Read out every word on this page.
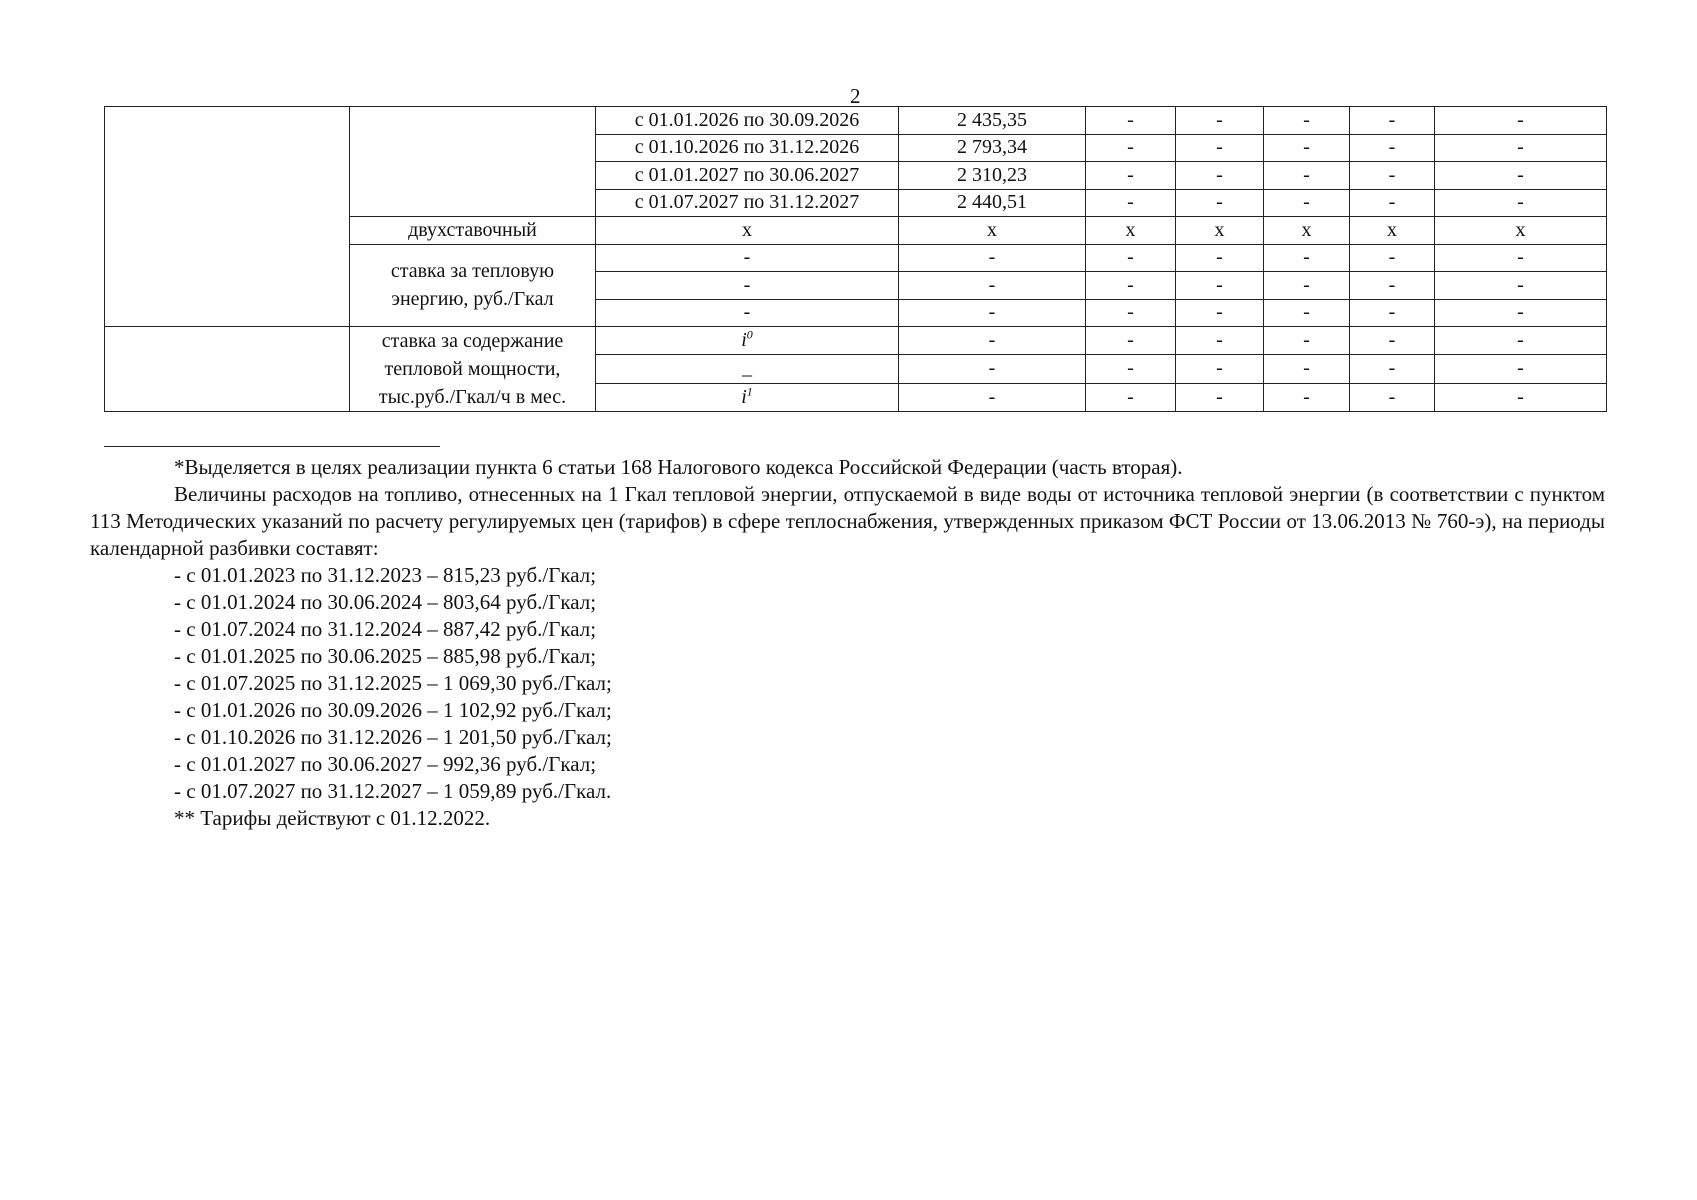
2
		с 01.01.2026 по 30.09.2026	2 435,35	-	-	-	-	-
		с 01.10.2026 по 31.12.2026	2 793,34	-	-	-	-	-
		с 01.01.2027 по 30.06.2027	2 310,23	-	-	-	-	-
		с 01.07.2027 по 31.12.2027	2 440,51	-	-	-	-	-
	двухставочный	x	x	x	x	x	x	x
	ставка за тепловую энергию, руб./Гкал	-	-	-	-	-	-	-
		-	-	-	-	-	-	-
		-	-	-	-	-	-	-
	ставка за содержание тепловой мощности, тыс.руб./Гкал/ч в мес.	$i^0$	-	-	-	-	-	-
		_	-	-	-	-	-	-
		$i^1$	-	-	-	-	-	-

*Выделяется в целях реализации пункта 6 статьи 168 Налогового кодекса Российской Федерации (часть вторая).

Величины расходов на топливо, отнесенных на 1 Гкал тепловой энергии, отпускаемой в виде воды от источника тепловой энергии (в соответствии с пунктом 113 Методических указаний по расчету регулируемых цен (тарифов) в сфере теплоснабжения, утвержденных приказом ФСТ России от 13.06.2013 № 760-э), на периоды календарной разбивки составят:

- с 01.01.2023 по 31.12.2023 – 815,23 руб./Гкал;

- с 01.01.2024 по 30.06.2024 – 803,64 руб./Гкал;

- с 01.07.2024 по 31.12.2024 – 887,42 руб./Гкал;

- с 01.01.2025 по 30.06.2025 – 885,98 руб./Гкал;

- с 01.07.2025 по 31.12.2025 – 1 069,30 руб./Гкал;

- с 01.01.2026 по 30.09.2026 – 1 102,92 руб./Гкал;

- с 01.10.2026 по 31.12.2026 – 1 201,50 руб./Гкал;

- с 01.01.2027 по 30.06.2027 – 992,36 руб./Гкал;

- с 01.07.2027 по 31.12.2027 – 1 059,89 руб./Гкал.

** Тарифы действуют с 01.12.2022.
